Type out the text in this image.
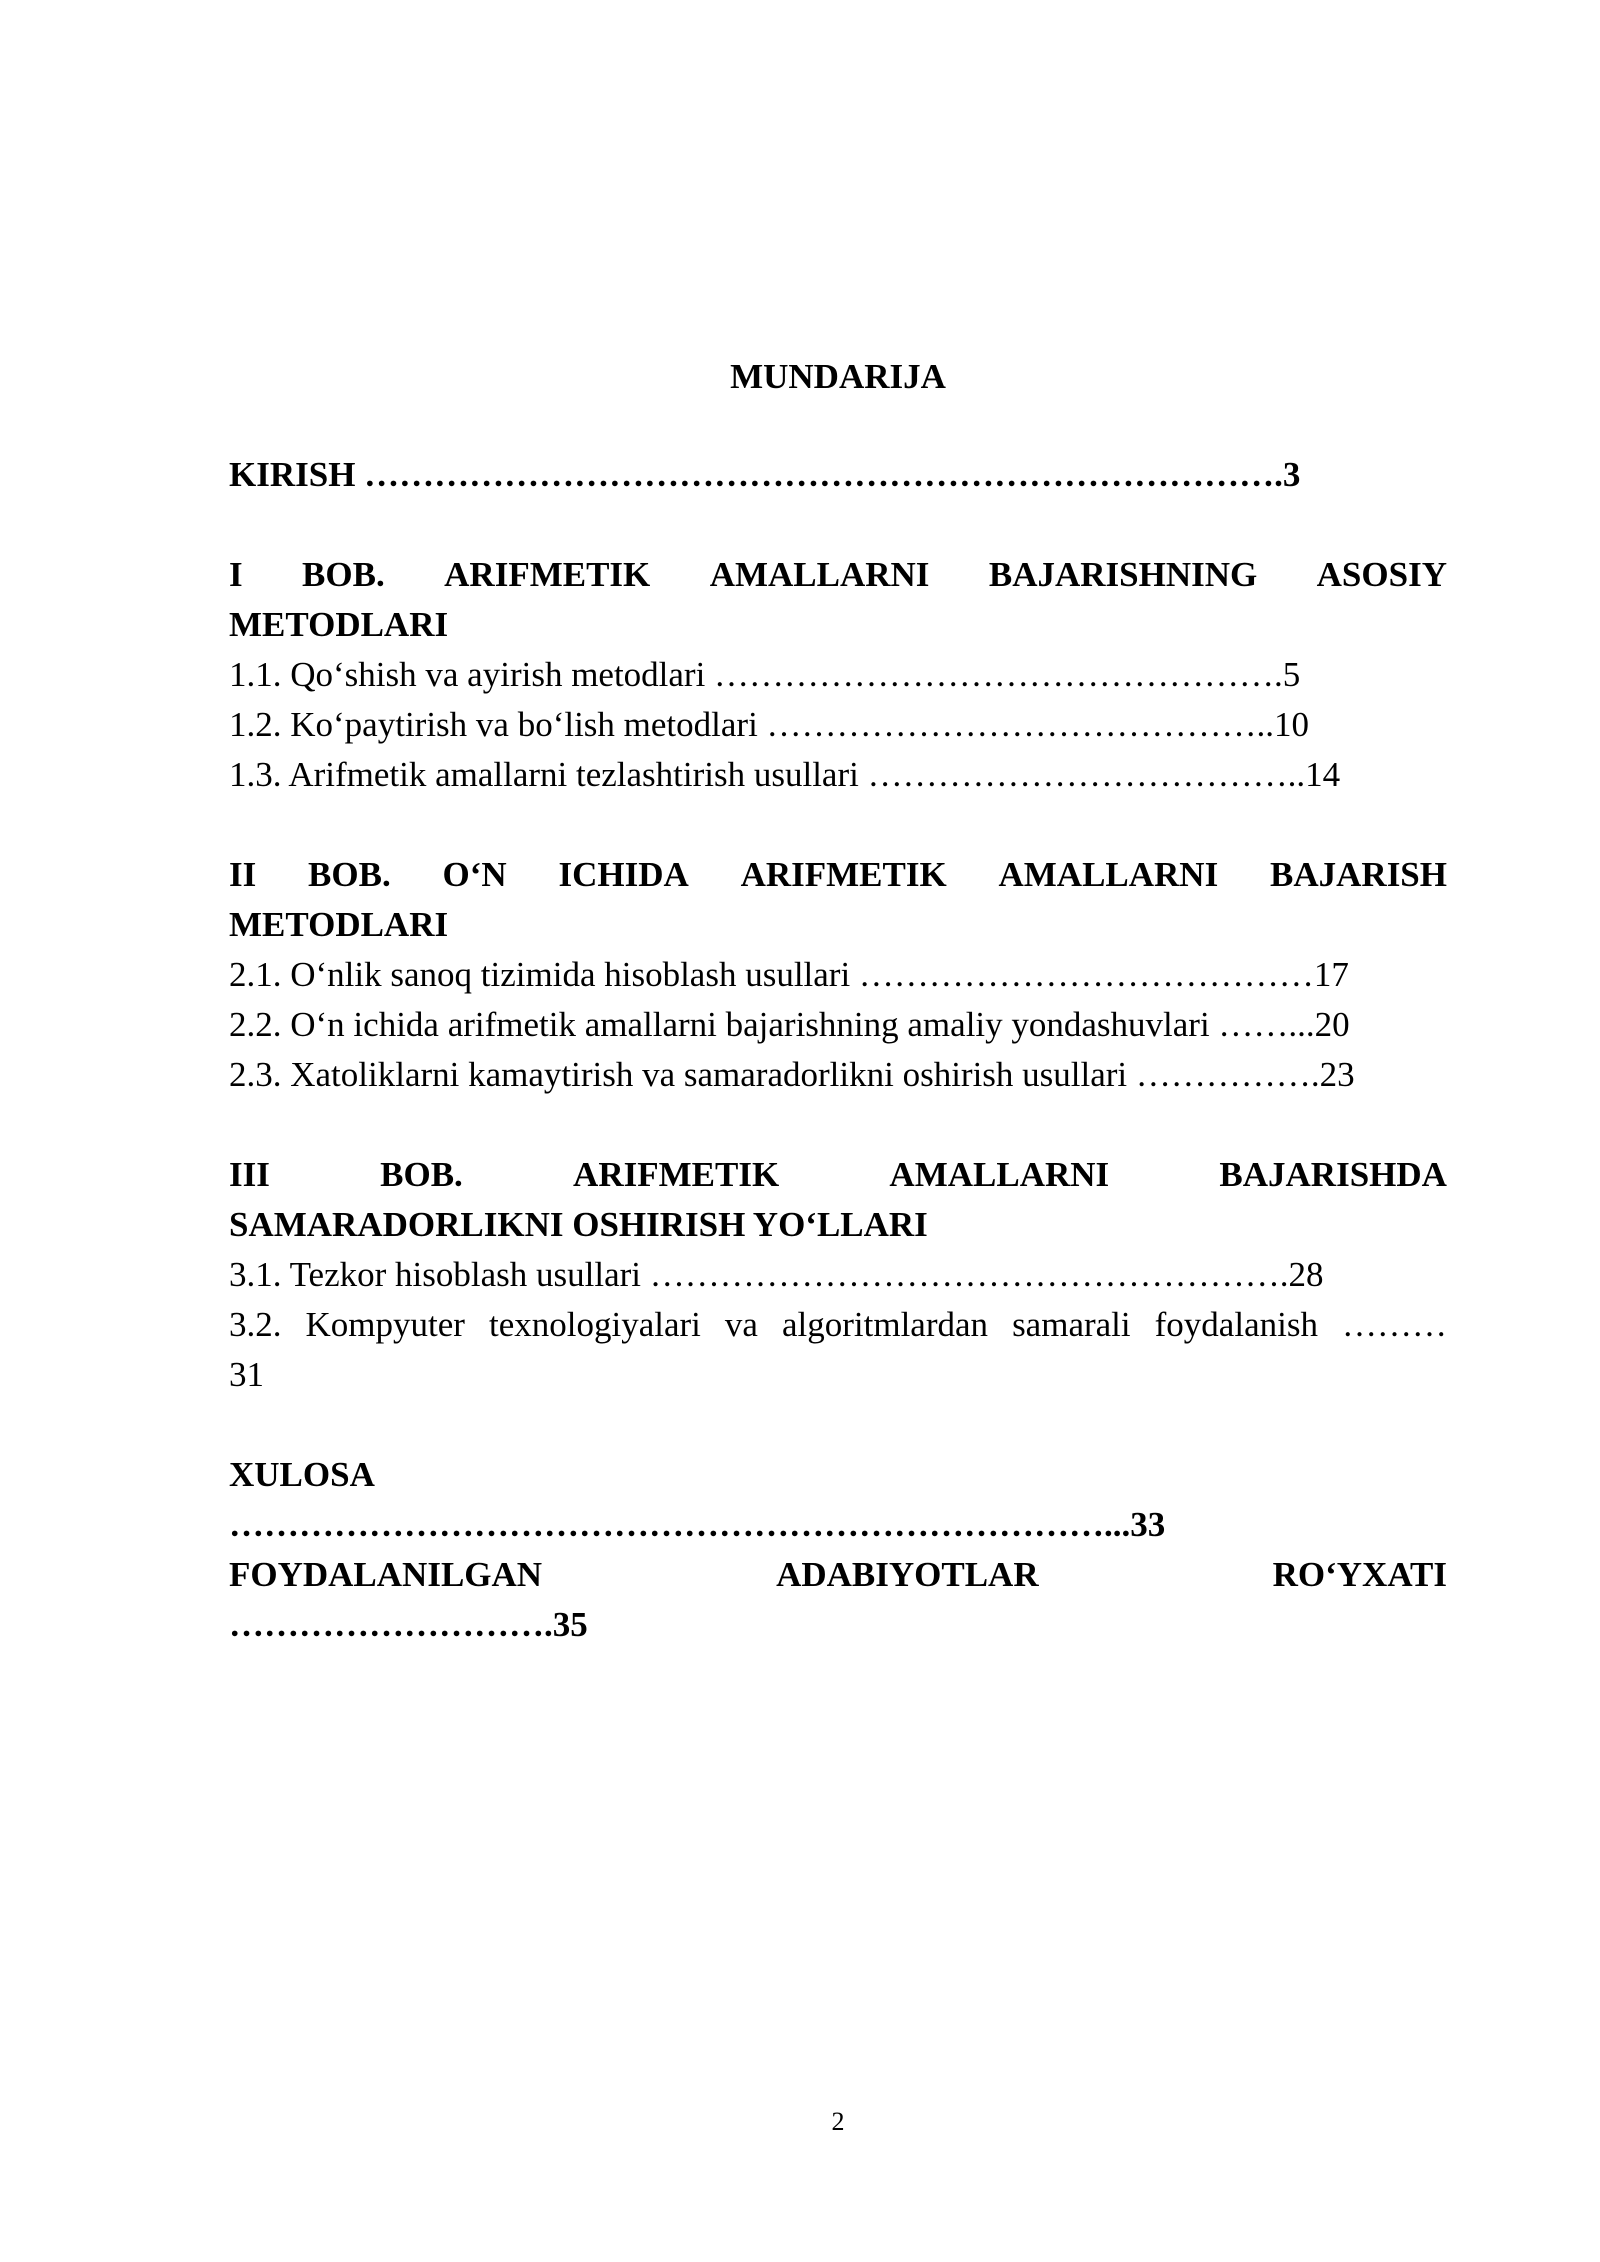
MUNDARIJA
KIRISH …………………………………………………………………….3
I BOB. ARIFMETIK AMALLARNI BAJARISHNING ASOSIY
METODLARI
1.1. Qo‘shish va ayirish metodlari ………………………………………….5
1.2. Ko‘paytirish va bo‘lish metodlari ……………………………………..10
1.3. Arifmetik amallarni tezlashtirish usullari ………………………………..14
II BOB. O‘N ICHIDA ARIFMETIK AMALLARNI BAJARISH
METODLARI
2.1. O‘nlik sanoq tizimida hisoblash usullari …………………………………17
2.2. O‘n ichida arifmetik amallarni bajarishning amaliy yondashuvlari ……...20
2.3. Xatoliklarni kamaytirish va samaradorlikni oshirish usullari …………….23
III	BOB.	ARIFMETIK	AMALLARNI	BAJARISHDA
SAMARADORLIKNI OSHIRISH YO‘LLARI
3.1. Tezkor hisoblash usullari ……………………………………………….28
3.2. Kompyuter texnologiyalari va algoritmlardan samarali foydalanish ………
31
XULOSA
…………………………………………………………………...33
FOYDALANILGAN	ADABIYOTLAR	RO‘YXATI
……………………….35
2
